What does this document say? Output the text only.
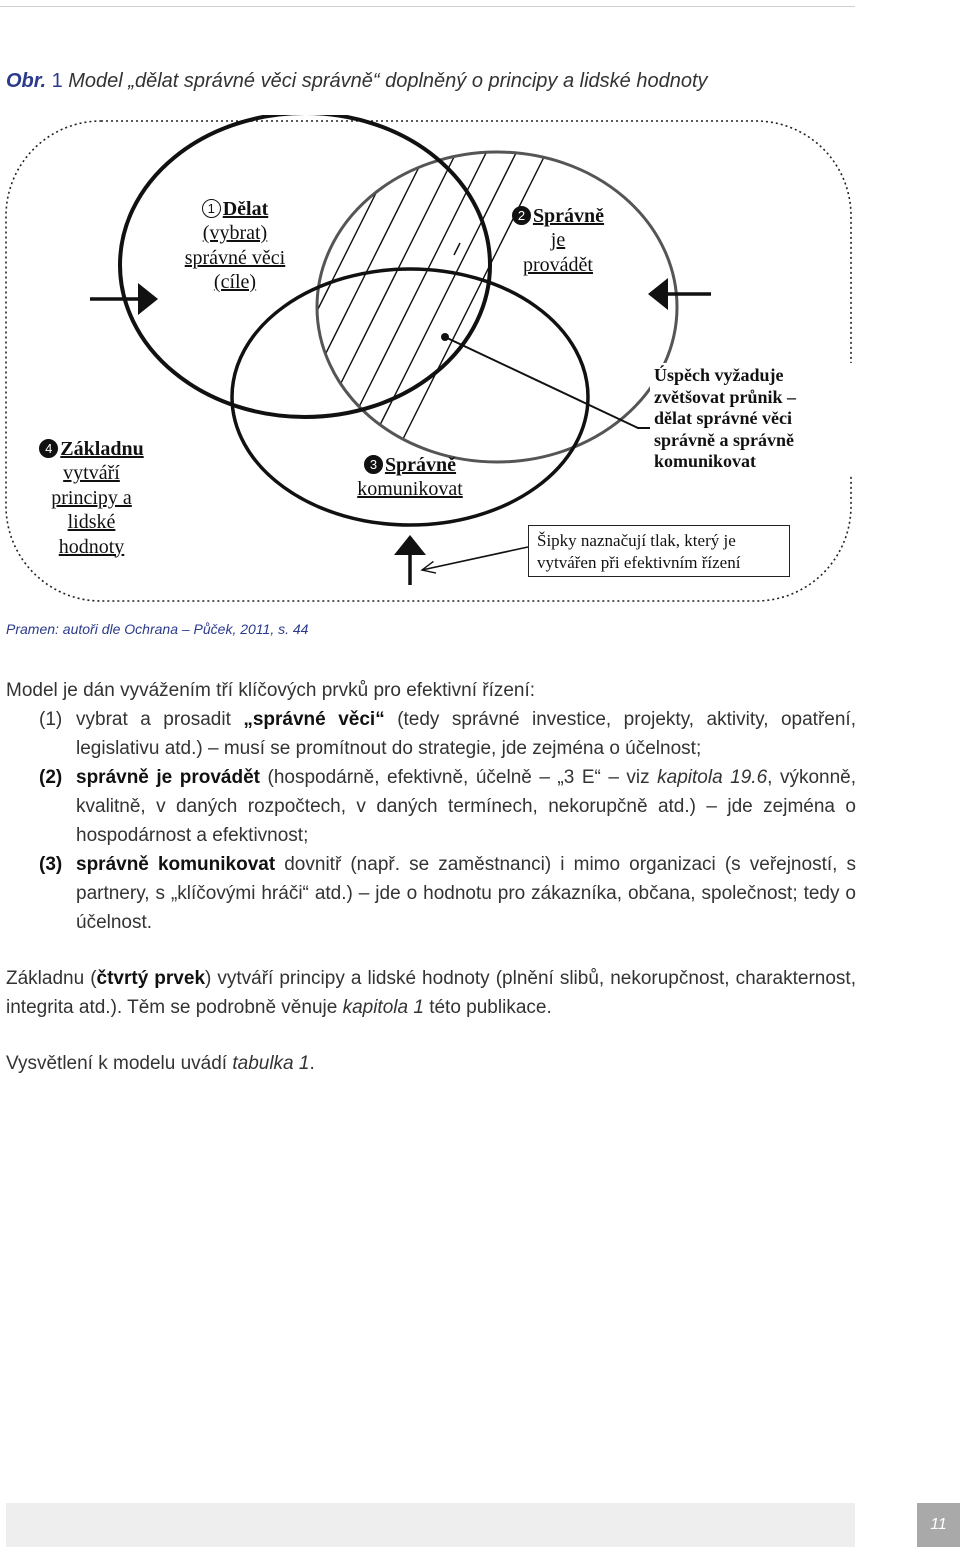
Obr. 1 Model „dělat správné věci správně“ doplněný o principy a lidské hodnoty
1 Dělat
(vybrat)
správné věci
(cíle)
2 Správně
je
provádět
3 Správně
komunikovat
4 Základnu
vytváří
principy a
lidské
hodnoty
Úspěch vyžaduje
zvětšovat průnik –
dělat správné věci
správně a správně
komunikovat
Šipky naznačují tlak, který je
vytvářen při efektivním řízení
Pramen: autoři dle Ochrana – Půček, 2011, s. 44
Model je dán vyvážením tří klíčových prvků pro efektivní řízení:
(1) vybrat a prosadit „správné věci“ (tedy správné investice, projekty, aktivity, opatření, legislativu atd.) – musí se promítnout do strategie, jde zejména o účelnost;
(2) správně je provádět (hospodárně, efektivně, účelně – „3 E“ – viz kapitola 19.6, výkonně, kvalitně, v daných rozpočtech, v daných termínech, nekorupčně atd.) – jde zejména o hospodárnost a efektivnost;
(3) správně komunikovat dovnitř (např. se zaměstnanci) i mimo organizaci (s veřejností, s partnery, s „klíčovými hráči“ atd.) – jde o hodnotu pro zákazníka, občana, společnost; tedy o účelnost.
Základnu (čtvrtý prvek) vytváří principy a lidské hodnoty (plnění slibů, nekorupčnost, charakternost, integrita atd.). Těm se podrobně věnuje kapitola 1 této publikace.
Vysvětlení k modelu uvádí tabulka 1.
11
